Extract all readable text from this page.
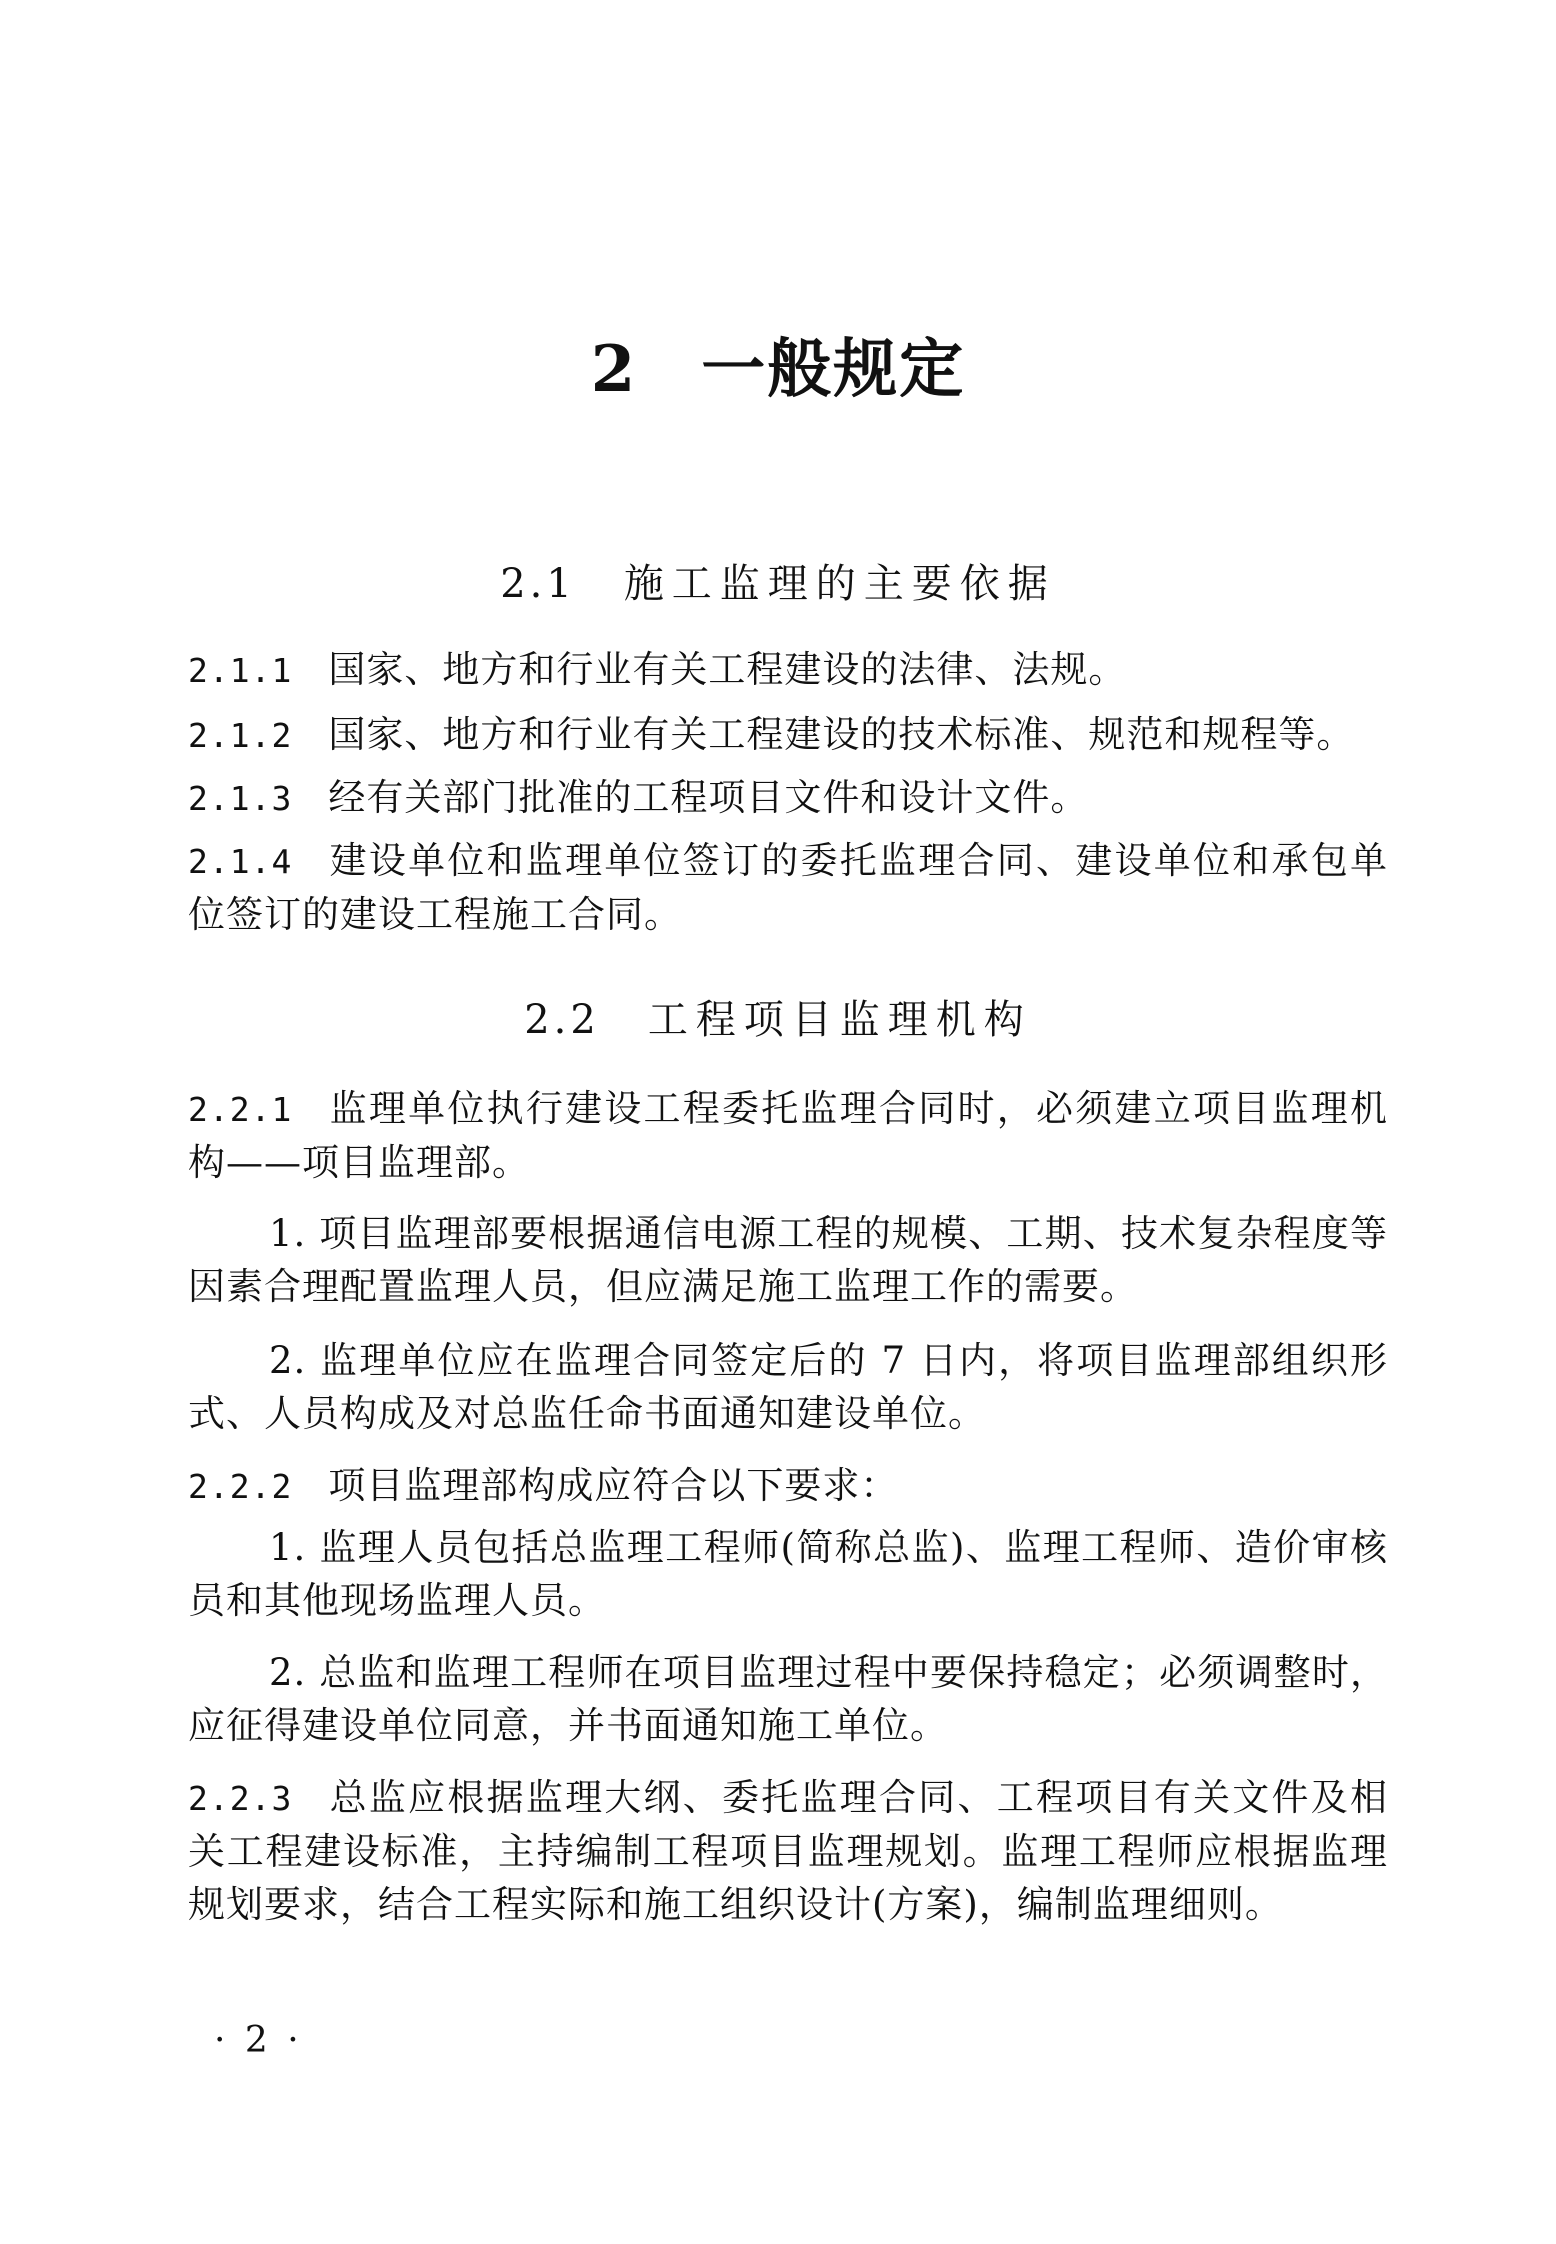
2 一般规定
2.1 施工监理的主要依据
2.1.1 国家、地方和行业有关工程建设的法律、法规。
2.1.2 国家、地方和行业有关工程建设的技术标准、规范和规程等。
2.1.3 经有关部门批准的工程项目文件和设计文件。
2.1.4 建设单位和监理单位签订的委托监理合同、建设单位和承包单位签订的建设工程施工合同。
2.2 工程项目监理机构
2.2.1 监理单位执行建设工程委托监理合同时，必须建立项目监理机构——项目监理部。
1. 项目监理部要根据通信电源工程的规模、工期、技术复杂程度等因素合理配置监理人员，但应满足施工监理工作的需要。
2. 监理单位应在监理合同签定后的 7 日内，将项目监理部组织形式、人员构成及对总监任命书面通知建设单位。
2.2.2 项目监理部构成应符合以下要求：
1. 监理人员包括总监理工程师(简称总监)、监理工程师、造价审核员和其他现场监理人员。
2. 总监和监理工程师在项目监理过程中要保持稳定；必须调整时，应征得建设单位同意，并书面通知施工单位。
2.2.3 总监应根据监理大纲、委托监理合同、工程项目有关文件及相关工程建设标准，主持编制工程项目监理规划。监理工程师应根据监理规划要求，结合工程实际和施工组织设计(方案)，编制监理细则。
· 2 ·
